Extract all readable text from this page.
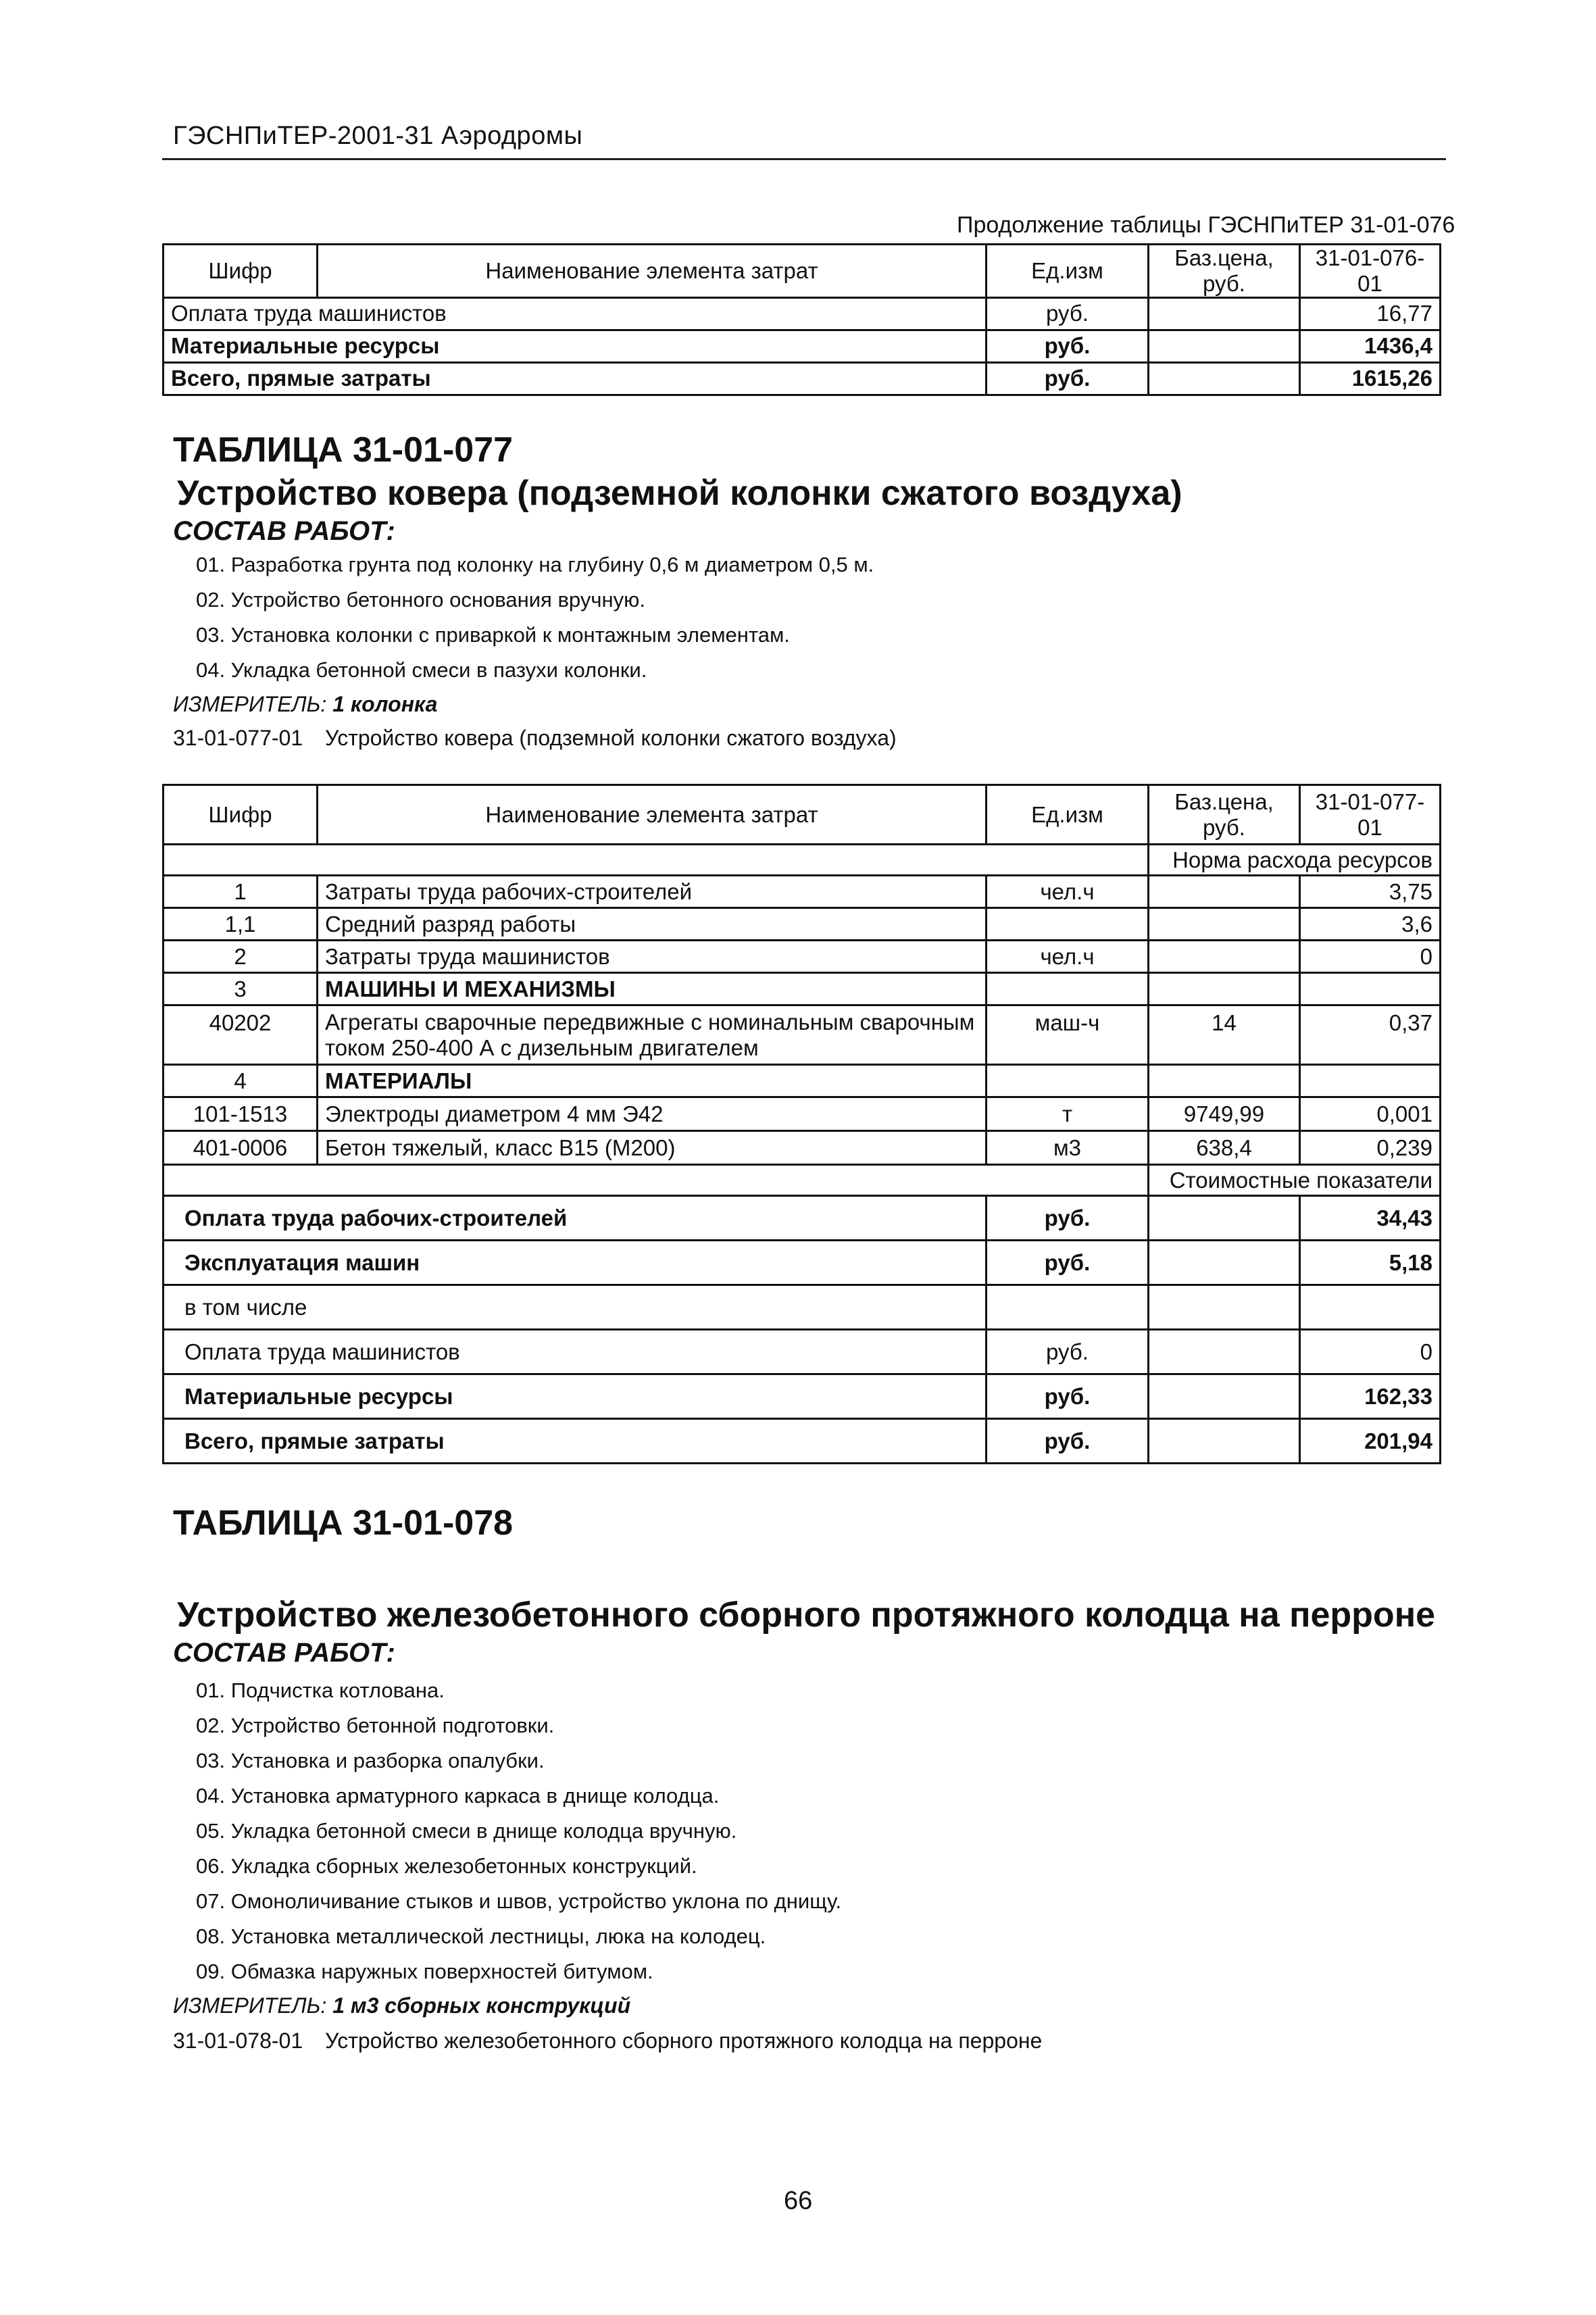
ГЭСНПиТЕР-2001-31 Аэродромы
Продолжение таблицы ГЭСНПиТЕР 31-01-076
Шифр	Наименование элемента затрат	Ед.изм	Баз.цена, руб.	31-01-076-01
Оплата труда машинистов		руб.		16,77
Материальные ресурсы		руб.		1436,4
Всего, прямые затраты		руб.		1615,26
ТАБЛИЦА 31-01-077
Устройство ковера (подземной колонки сжатого воздуха)
СОСТАВ РАБОТ:
01. Разработка грунта под колонку на глубину 0,6 м диаметром 0,5 м.
02. Устройство бетонного основания вручную.
03. Установка колонки с приваркой к монтажным элементам.
04. Укладка бетонной смеси в пазухи колонки.
ИЗМЕРИТЕЛЬ: 1 колонка
31-01-077-01 Устройство ковера (подземной колонки сжатого воздуха)
Шифр	Наименование элемента затрат	Ед.изм	Баз.цена, руб.	31-01-077-01
			Норма расхода ресурсов	
1	Затраты труда рабочих-строителей	чел.ч		3,75
1,1	Средний разряд работы			3,6
2	Затраты труда машинистов	чел.ч		0
3	МАШИНЫ И МЕХАНИЗМЫ			
40202	Агрегаты сварочные передвижные с номинальным сварочным током 250-400 А с дизельным двигателем	маш-ч	14	0,37
4	МАТЕРИАЛЫ			
101-1513	Электроды диаметром 4 мм Э42	т	9749,99	0,001
401-0006	Бетон тяжелый, класс B15 (М200)	м3	638,4	0,239
			Стоимостные показатели	
Оплата труда рабочих-строителей		руб.		34,43
Эксплуатация машин		руб.		5,18
в том числе				
Оплата труда машинистов		руб.		0
Материальные ресурсы		руб.		162,33
Всего, прямые затраты		руб.		201,94
ТАБЛИЦА 31-01-078
Устройство железобетонного сборного протяжного колодца на перроне
СОСТАВ РАБОТ:
01. Подчистка котлована.
02. Устройство бетонной подготовки.
03. Установка и разборка опалубки.
04. Установка арматурного каркаса в днище колодца.
05. Укладка бетонной смеси в днище колодца вручную.
06. Укладка сборных железобетонных конструкций.
07. Омоноличивание стыков и швов, устройство уклона по днищу.
08. Установка металлической лестницы, люка на колодец.
09. Обмазка наружных поверхностей битумом.
ИЗМЕРИТЕЛЬ: 1 м3 сборных конструкций
31-01-078-01 Устройство железобетонного сборного протяжного колодца на перроне
66
